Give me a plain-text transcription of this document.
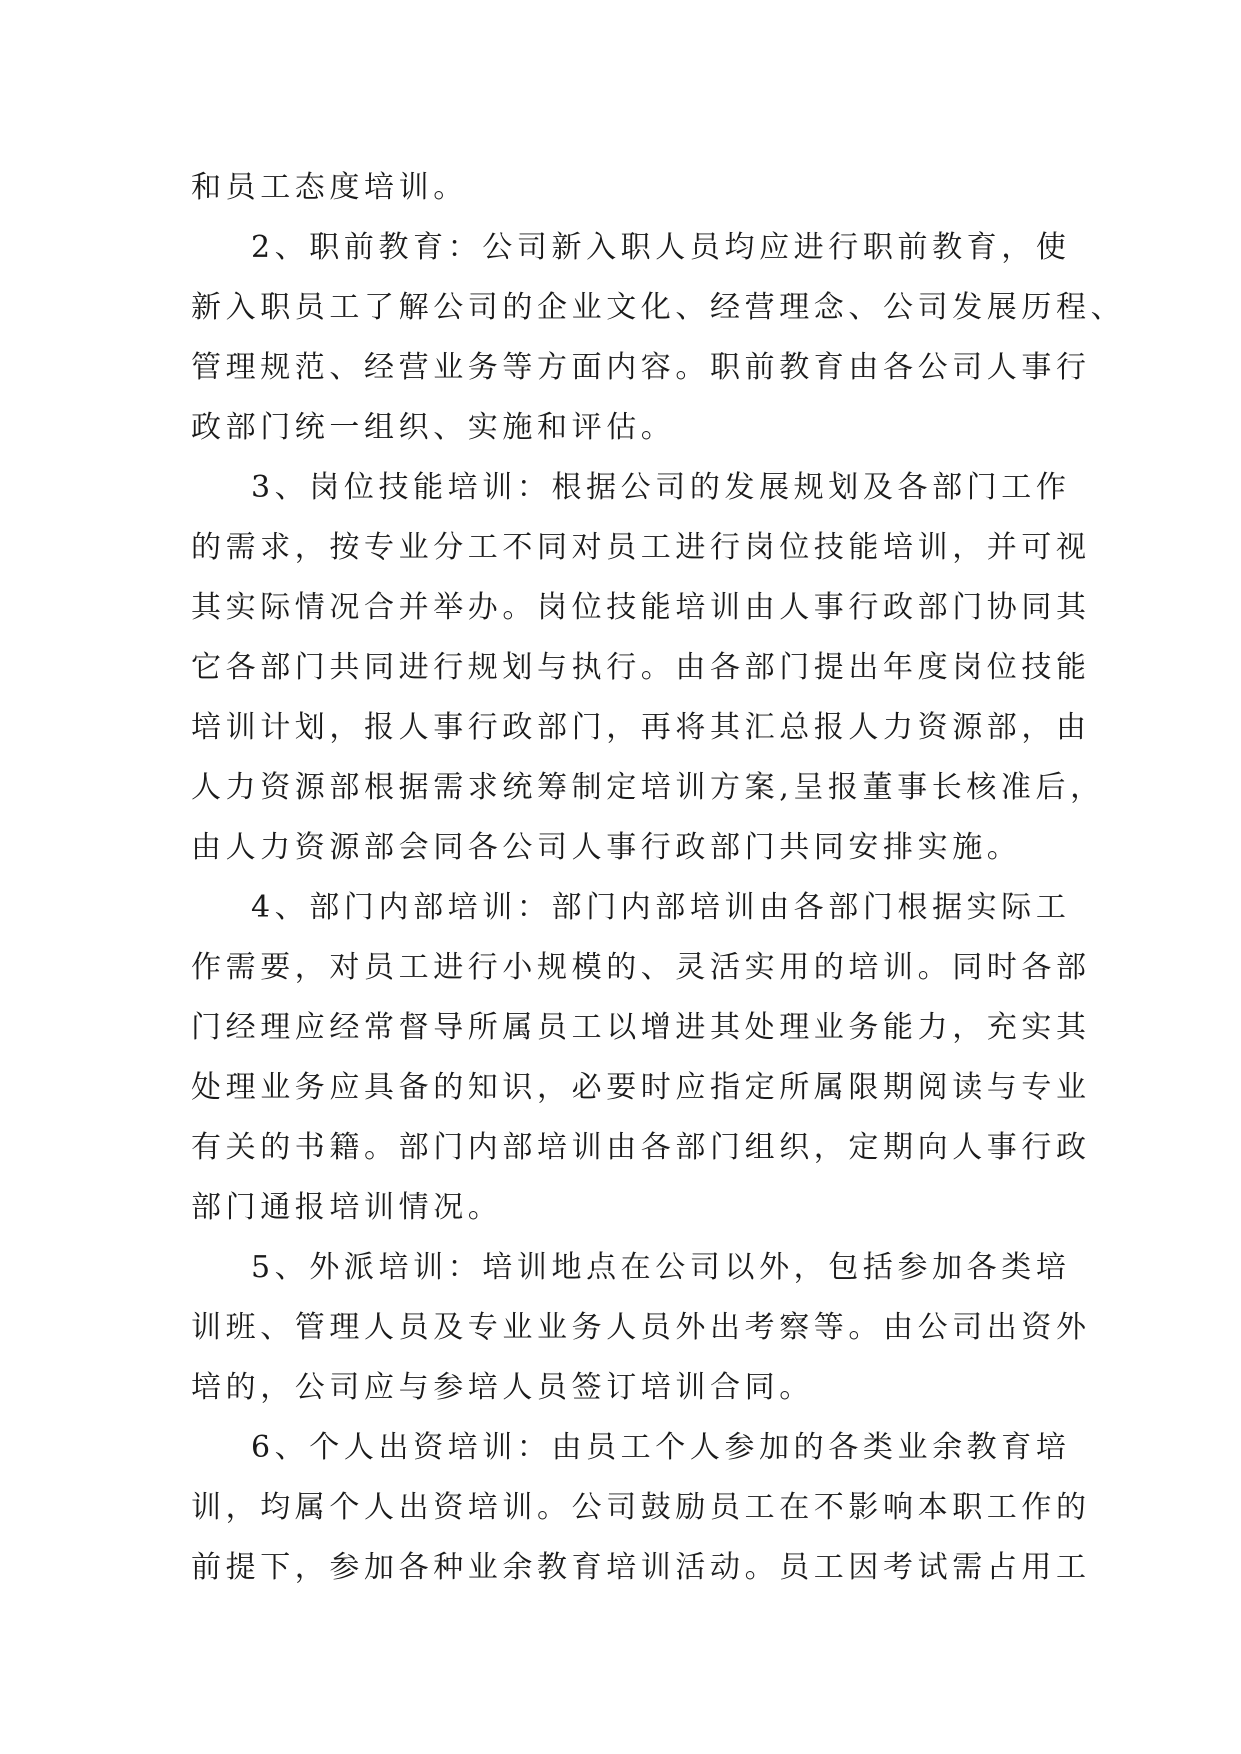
和员工态度培训。
2、职前教育：公司新入职人员均应进行职前教育，使
新入职员工了解公司的企业文化、经营理念、公司发展历程、
管理规范、经营业务等方面内容。职前教育由各公司人事行
政部门统一组织、实施和评估。
3、岗位技能培训：根据公司的发展规划及各部门工作
的需求，按专业分工不同对员工进行岗位技能培训，并可视
其实际情况合并举办。岗位技能培训由人事行政部门协同其
它各部门共同进行规划与执行。由各部门提出年度岗位技能
培训计划，报人事行政部门，再将其汇总报人力资源部，由
人力资源部根据需求统筹制定培训方案,呈报董事长核准后，
由人力资源部会同各公司人事行政部门共同安排实施。
4、部门内部培训：部门内部培训由各部门根据实际工
作需要，对员工进行小规模的、灵活实用的培训。同时各部
门经理应经常督导所属员工以增进其处理业务能力，充实其
处理业务应具备的知识，必要时应指定所属限期阅读与专业
有关的书籍。部门内部培训由各部门组织，定期向人事行政
部门通报培训情况。
5、外派培训：培训地点在公司以外，包括参加各类培
训班、管理人员及专业业务人员外出考察等。由公司出资外
培的，公司应与参培人员签订培训合同。
6、个人出资培训：由员工个人参加的各类业余教育培
训，均属个人出资培训。公司鼓励员工在不影响本职工作的
前提下，参加各种业余教育培训活动。员工因考试需占用工
